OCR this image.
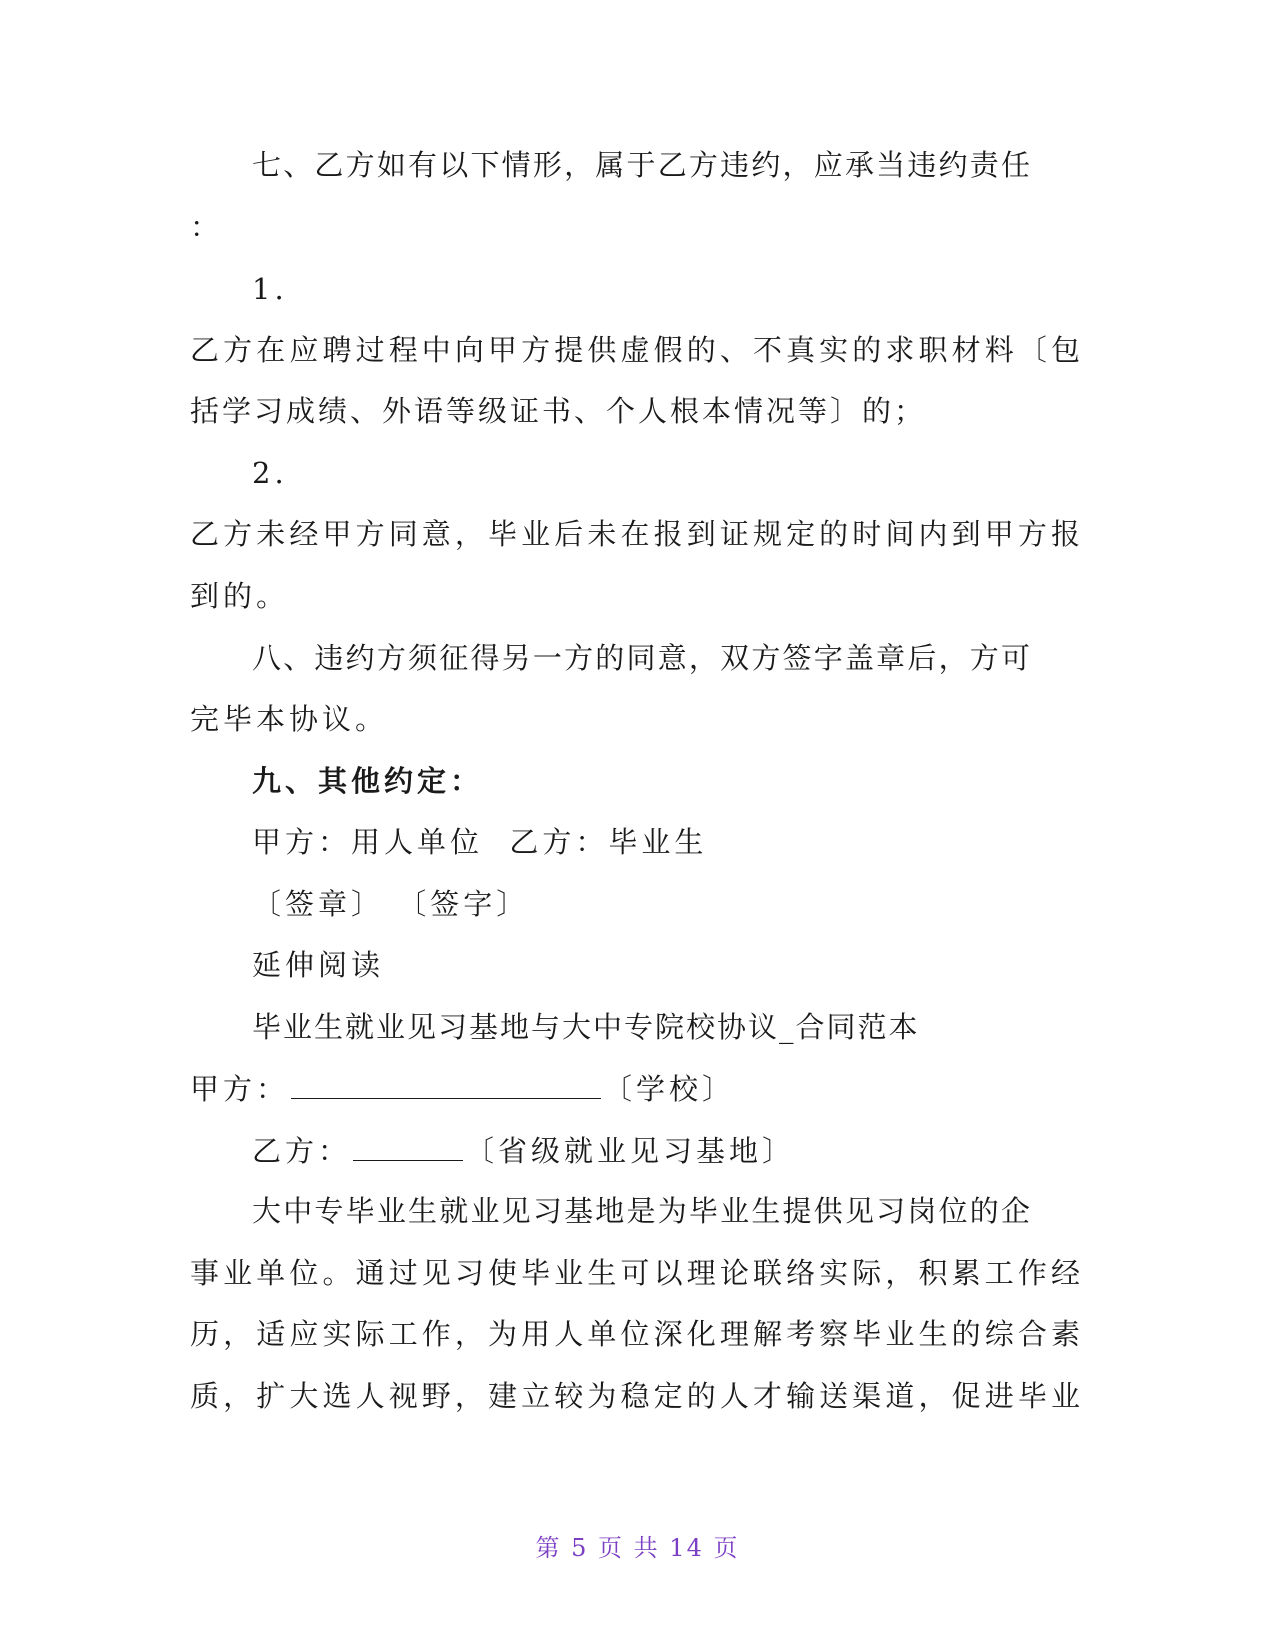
七、乙方如有以下情形，属于乙方违约，应承当违约责任
：
1.
乙方在应聘过程中向甲方提供虚假的、不真实的求职材料〔包
括学习成绩、外语等级证书、个人根本情况等〕的；
2.
乙方未经甲方同意，毕业后未在报到证规定的时间内到甲方报
到的。
八、违约方须征得另一方的同意，双方签字盖章后，方可
完毕本协议。
九、其他约定：
甲方：用人单位  乙方：毕业生
〔签章〕 〔签字〕
延伸阅读
毕业生就业见习基地与大中专院校协议_合同范本
甲方：	〔学校〕
乙方：	〔省级就业见习基地〕
大中专毕业生就业见习基地是为毕业生提供见习岗位的企
事业单位。通过见习使毕业生可以理论联络实际，积累工作经
历，适应实际工作，为用人单位深化理解考察毕业生的综合素
质，扩大选人视野，建立较为稳定的人才输送渠道，促进毕业
第 5 页 共 14 页
